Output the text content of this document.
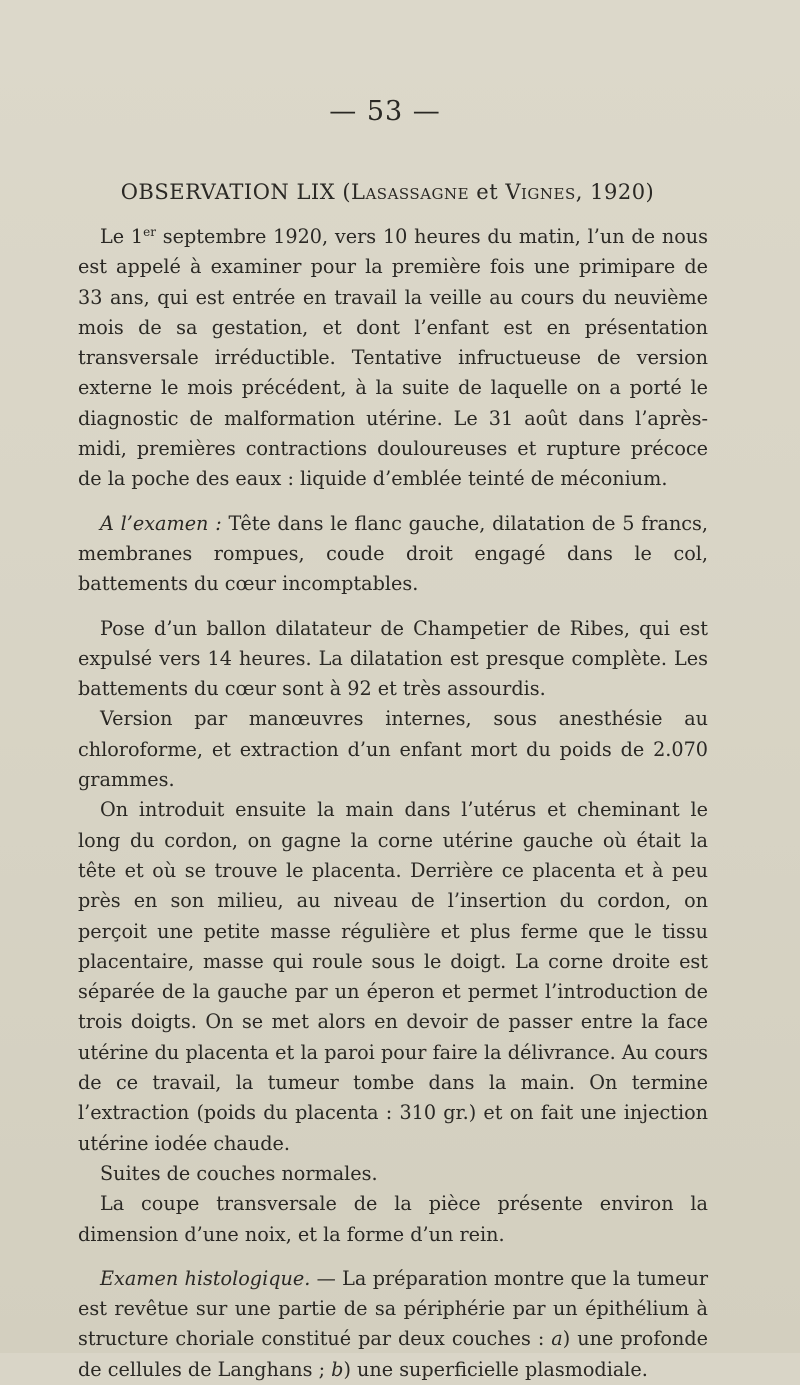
— 53 —
OBSERVATION LIX (Lasassagne et Vignes, 1920)

Le 1er septembre 1920, vers 10 heures du matin, l’un de nous est appelé à examiner pour la première fois une primipare de 33 ans, qui est entrée en travail la veille au cours du neuvième mois de sa gestation, et dont l’enfant est en présentation transversale irréductible. Tentative infructueuse de version externe le mois précédent, à la suite de laquelle on a porté le diagnostic de malformation utérine. Le 31 août dans l’après-midi, premières contractions douloureuses et rupture précoce de la poche des eaux : liquide d’emblée teinté de méconium.

A l’examen : Tête dans le flanc gauche, dilatation de 5 francs, membranes rompues, coude droit engagé dans le col, battements du cœur incomptables.

Pose d’un ballon dilatateur de Champetier de Ribes, qui est expulsé vers 14 heures. La dilatation est presque complète. Les battements du cœur sont à 92 et très assourdis.

Version par manœuvres internes, sous anesthésie au chloroforme, et extraction d’un enfant mort du poids de 2.070 grammes.

On introduit ensuite la main dans l’utérus et cheminant le long du cordon, on gagne la corne utérine gauche où était la tête et où se trouve le placenta. Derrière ce placenta et à peu près en son milieu, au niveau de l’insertion du cordon, on perçoit une petite masse régulière et plus ferme que le tissu placentaire, masse qui roule sous le doigt. La corne droite est séparée de la gauche par un éperon et permet l’introduction de trois doigts. On se met alors en devoir de passer entre la face utérine du placenta et la paroi pour faire la délivrance. Au cours de ce travail, la tumeur tombe dans la main. On termine l’extraction (poids du placenta : 310 gr.) et on fait une injection utérine iodée chaude.

Suites de couches normales.

La coupe transversale de la pièce présente environ la dimension d’une noix, et la forme d’un rein.

Examen histologique. — La préparation montre que la tumeur est revêtue sur une partie de sa périphérie par un épithélium à structure choriale constitué par deux couches : a) une profonde de cellules de Langhans ; b) une superficielle plasmodiale.
